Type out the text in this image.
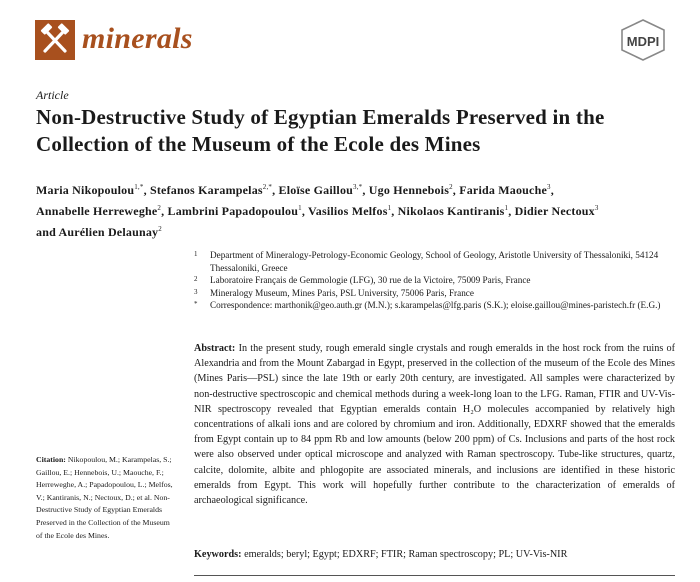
minerals	MDPI
Article
Non-Destructive Study of Egyptian Emeralds Preserved in the
Collection of the Museum of the Ecole des Mines
Maria Nikopoulou$^{1,*}$, Stefanos Karampelas$^{2,*}$, Eloïse Gaillou$^{3,*}$, Ugo Hennebois$^2$, Farida Maouche$^3$,
Annabelle Herreweghe$^2$, Lambrini Papadopoulou$^1$, Vasilios Melfos$^1$, Nikolaos Kantiranis$^1$, Didier Nectoux$^3$
and Aurélien Delaunay$^2$
1 Department of Mineralogy-Petrology-Economic Geology, School of Geology, Aristotle University of Thessaloniki, 54124 Thessaloniki, Greece
2 Laboratoire Français de Gemmologie (LFG), 30 rue de la Victoire, 75009 Paris, France
3 Mineralogy Museum, Mines Paris, PSL University, 75006 Paris, France
* Correspondence: marthonik@geo.auth.gr (M.N.); s.karampelas@lfg.paris (S.K.); eloise.gaillou@mines-paristech.fr (E.G.)
Abstract: In the present study, rough emerald single crystals and rough emeralds in the host rock from the ruins of Alexandria and from the Mount Zabargad in Egypt, preserved in the collection of the museum of the Ecole des Mines (Mines Paris—PSL) since the late 19th or early 20th century, are investigated. All samples were characterized by non-destructive spectroscopic and chemical methods during a week-long loan to the LFG. Raman, FTIR and UV-Vis-NIR spectroscopy revealed that Egyptian emeralds contain H₂O molecules accompanied by relatively high concentrations of alkali ions and are colored by chromium and iron. Additionally, EDXRF showed that the emeralds from Egypt contain up to 84 ppm Rb and low amounts (below 200 ppm) of Cs. Inclusions and parts of the host rock were also observed under optical microscope and analyzed with Raman spectroscopy. Tube-like structures, quartz, calcite, dolomite, albite and phlogopite are associated minerals, and inclusions are identified in these historic emeralds from Egypt. This work will hopefully further contribute to the characterization of emeralds of archaeological significance.
Keywords: emeralds; beryl; Egypt; EDXRF; FTIR; Raman spectroscopy; PL; UV-Vis-NIR
Citation: Nikopoulou, M.; Karampelas, S.; Gaillou, E.; Hennebois, U.; Maouche, F.; Herreweghe, A.; Papadopoulou, L.; Melfos, V.; Kantiranis, N.; Nectoux, D.; et al. Non-Destructive Study of Egyptian Emeralds Preserved in the Collection of the Museum of the Ecole des Mines.
